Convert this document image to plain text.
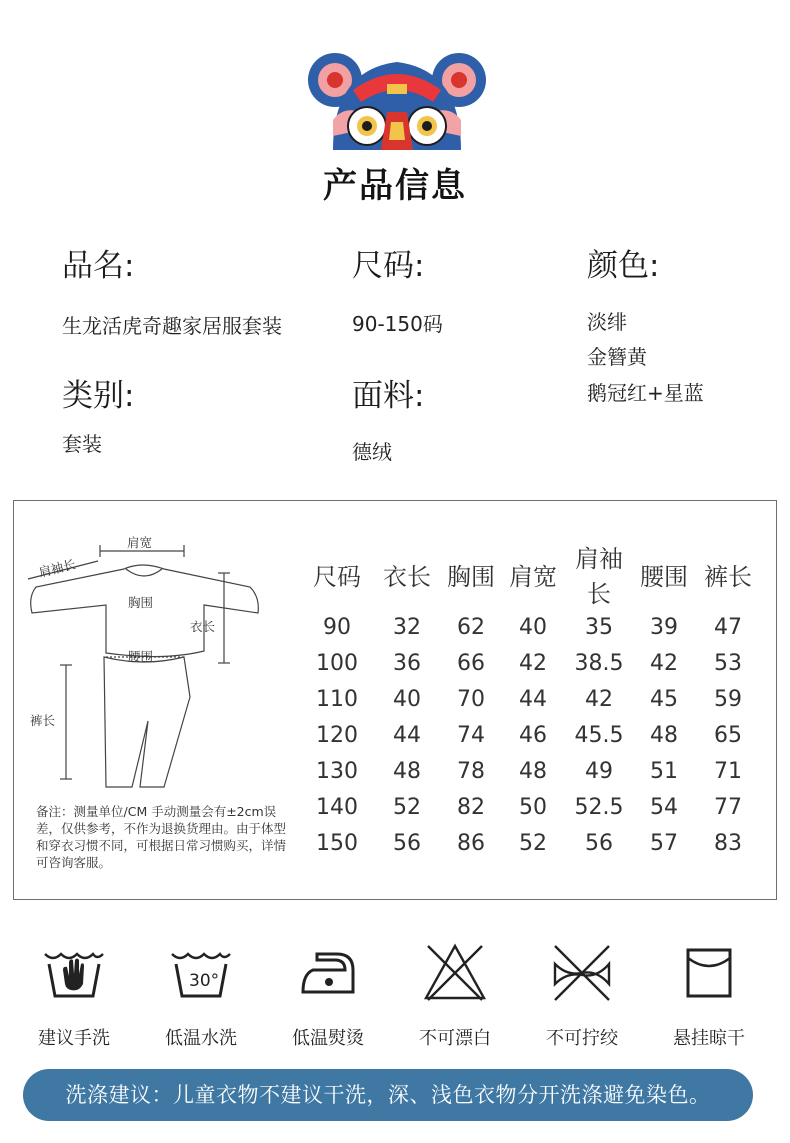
产品信息
品名:
生龙活虎奇趣家居服套装
尺码:
90-150码
颜色:
淡绯
金簪黄
鹅冠红+星蓝
类别:
套装
面料:
德绒
肩宽
肩袖长
胸围
衣长
腰围
裤长
备注：测量单位/CM 手动测量会有±2cm误差，仅供参考，不作为退换货理由。由于体型和穿衣习惯不同，可根据日常习惯购买，详情可咨询客服。
尺码	衣长	胸围	肩宽	肩袖长	腰围	裤长
90	32	62	40	35	39	47
100	36	66	42	38.5	42	53
110	40	70	44	42	45	59
120	44	74	46	45.5	48	65
130	48	78	48	49	51	71
140	52	82	50	52.5	54	77
150	56	86	52	56	57	83
建议手洗
30°
低温水洗	低温熨烫	不可漂白	不可拧绞	悬挂晾干
洗涤建议：儿童衣物不建议干洗，深、浅色衣物分开洗涤避免染色。
